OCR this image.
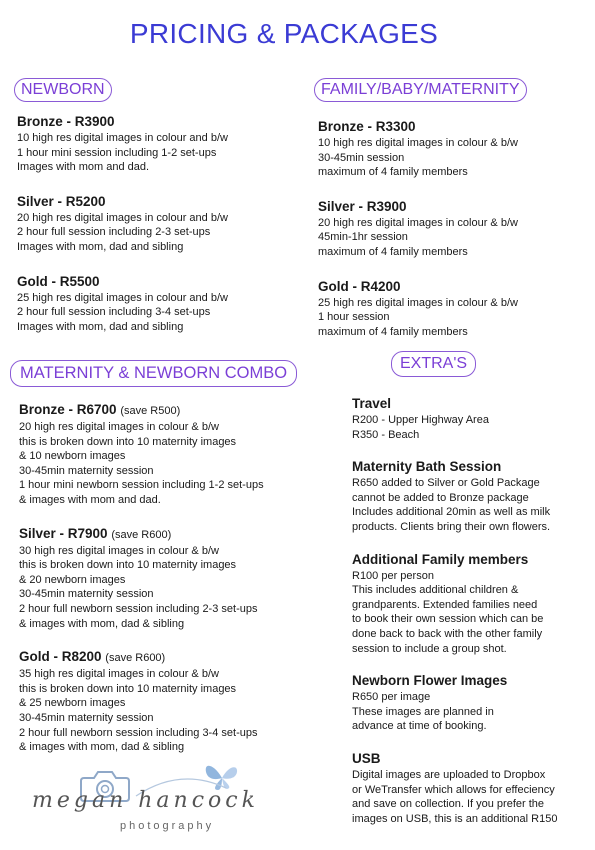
PRICING & PACKAGES
NEWBORN	FAMILY/BABY/MATERNITY
MATERNITY & NEWBORN COMBO
EXTRA'S
Bronze - R3900
10 high res digital images in colour and b/w
1 hour mini session including 1-2 set-ups
Images with mom and dad.
Silver - R5200
20 high res digital images in colour and b/w
2 hour full session including 2-3 set-ups
Images with mom, dad and sibling
Gold - R5500
25 high res digital images in colour and b/w
2 hour full session including 3-4 set-ups
Images with mom, dad and sibling
Bronze - R3300
10 high res digital images in colour & b/w
30-45min session
maximum of 4 family members
Silver - R3900
20 high res digital images in colour & b/w
45min-1hr session
maximum of 4 family members
Gold - R4200
25 high res digital images in colour & b/w
1 hour session
maximum of 4 family members
Bronze - R6700 (save R500)
20 high res digital images in colour & b/w
this is broken down into 10 maternity images
& 10 newborn images
30-45min maternity session
1 hour mini newborn session including 1-2 set-ups
& images with mom and dad.
Silver - R7900 (save R600)
30 high res digital images in colour & b/w
this is broken down into 10 maternity images
& 20 newborn images
30-45min maternity session
2 hour full newborn session including 2-3 set-ups
& images with mom, dad & sibling
Gold - R8200 (save R600)
35 high res digital images in colour & b/w
this is broken down into 10 maternity images
& 25 newborn images
30-45min maternity session
2 hour full newborn session including 3-4 set-ups
& images with mom, dad & sibling
Travel
R200 - Upper Highway Area
R350 - Beach
Maternity Bath Session
R650 added to Silver or Gold Package
cannot be added to Bronze package
Includes additional 20min as well as milk
products. Clients bring their own flowers.
Additional Family members
R100 per person
This includes additional children &
grandparents. Extended families need
to book their own session which can be
done back to back with the other family
session to include a group shot.
Newborn Flower Images
R650 per image
These images are planned in
advance at time of booking.
USB
Digital images are uploaded to Dropbox
or WeTransfer which allows for effeciency
and save on collection. If you prefer the
images on USB, this is an additional R150
megan hancock
photography
